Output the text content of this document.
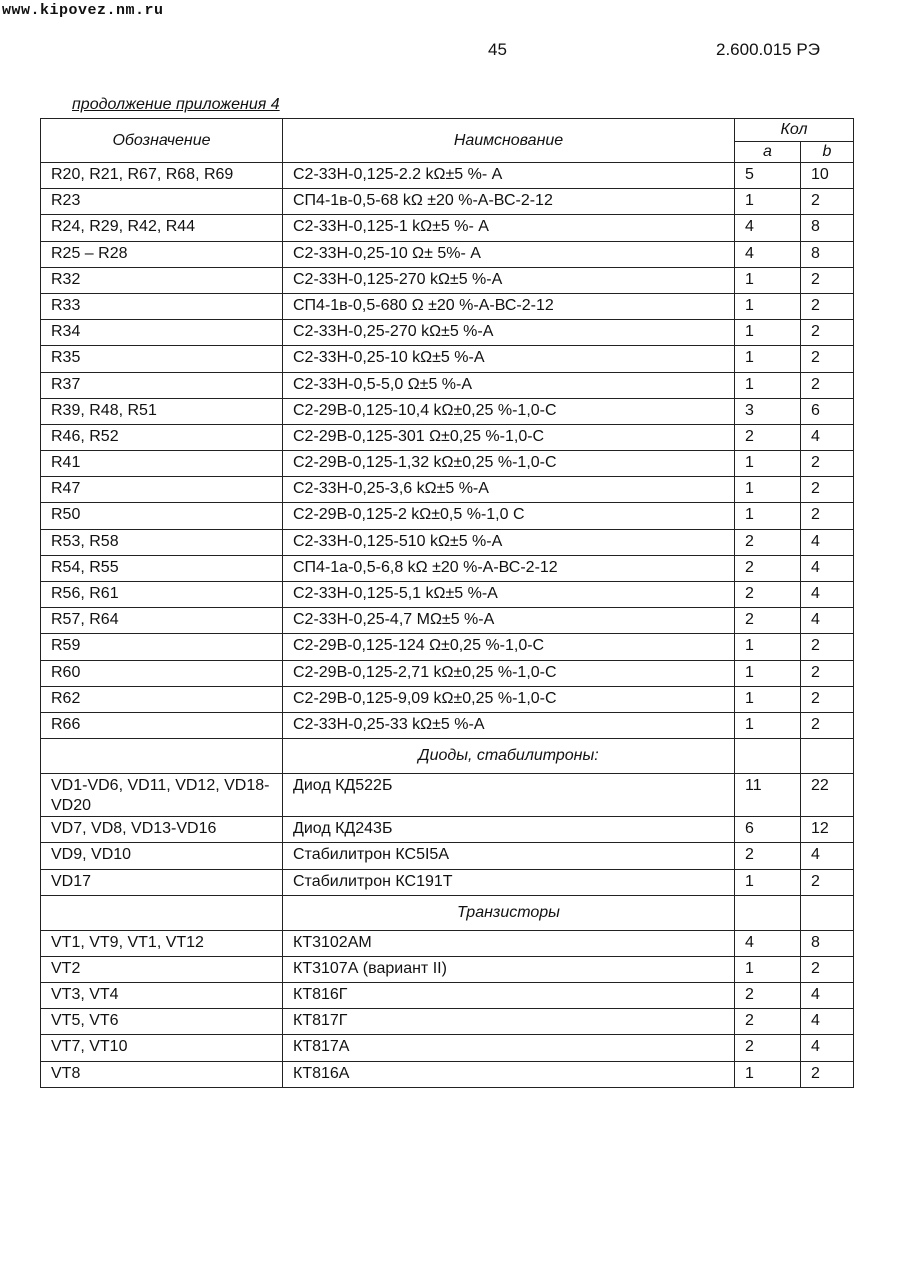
www.kipovez.nm.ru
45	2.600.015 РЭ
продолжение приложения 4
Обозначение	Наимснование	Кол	
		a	b
R20, R21, R67, R68, R69	С2-33Н-0,125-2.2 kΩ±5 %- А	5	10
R23	СП4-1в-0,5-68 kΩ ±20 %-А-ВС-2-12	1	2
R24, R29, R42, R44	С2-33Н-0,125-1 kΩ±5 %- А	4	8
R25 – R28	С2-33Н-0,25-10 Ω± 5%- А	4	8
R32	С2-33Н-0,125-270 kΩ±5 %-А	1	2
R33	СП4-1в-0,5-680 Ω ±20 %-А-ВС-2-12	1	2
R34	С2-33Н-0,25-270 kΩ±5 %-А	1	2
R35	С2-33Н-0,25-10 kΩ±5 %-А	1	2
R37	С2-33Н-0,5-5,0 Ω±5 %-А	1	2
R39, R48, R51	С2-29В-0,125-10,4 kΩ±0,25 %-1,0-С	3	6
R46, R52	С2-29В-0,125-301 Ω±0,25 %-1,0-С	2	4
R41	С2-29В-0,125-1,32 kΩ±0,25 %-1,0-С	1	2
R47	С2-33Н-0,25-3,6 kΩ±5 %-А	1	2
R50	С2-29В-0,125-2 kΩ±0,5 %-1,0 С	1	2
R53, R58	С2-33Н-0,125-510 kΩ±5 %-А	2	4
R54, R55	СП4-1а-0,5-6,8 kΩ ±20 %-А-ВС-2-12	2	4
R56, R61	С2-33Н-0,125-5,1 kΩ±5 %-А	2	4
R57, R64	С2-33Н-0,25-4,7 MΩ±5 %-А	2	4
R59	С2-29В-0,125-124 Ω±0,25 %-1,0-С	1	2
R60	С2-29В-0,125-2,71 kΩ±0,25 %-1,0-С	1	2
R62	С2-29В-0,125-9,09 kΩ±0,25 %-1,0-С	1	2
R66	С2-33Н-0,25-33 kΩ±5 %-А	1	2
	Диоды, стабилитроны:		
VD1-VD6, VD11, VD12, VD18-VD20	Диод КД522Б	11	22
VD7, VD8, VD13-VD16	Диод КД243Б	6	12
VD9, VD10	Стабилитрон КС5I5А	2	4
VD17	Стабилитрон КС191Т	1	2
	Транзисторы		
VT1, VT9, VT1, VT12	КТ3102АМ	4	8
VT2	КТ3107А (вариант II)	1	2
VT3, VT4	КТ816Г	2	4
VT5, VT6	КТ817Г	2	4
VT7, VT10	КТ817А	2	4
VT8	КТ816А	1	2
